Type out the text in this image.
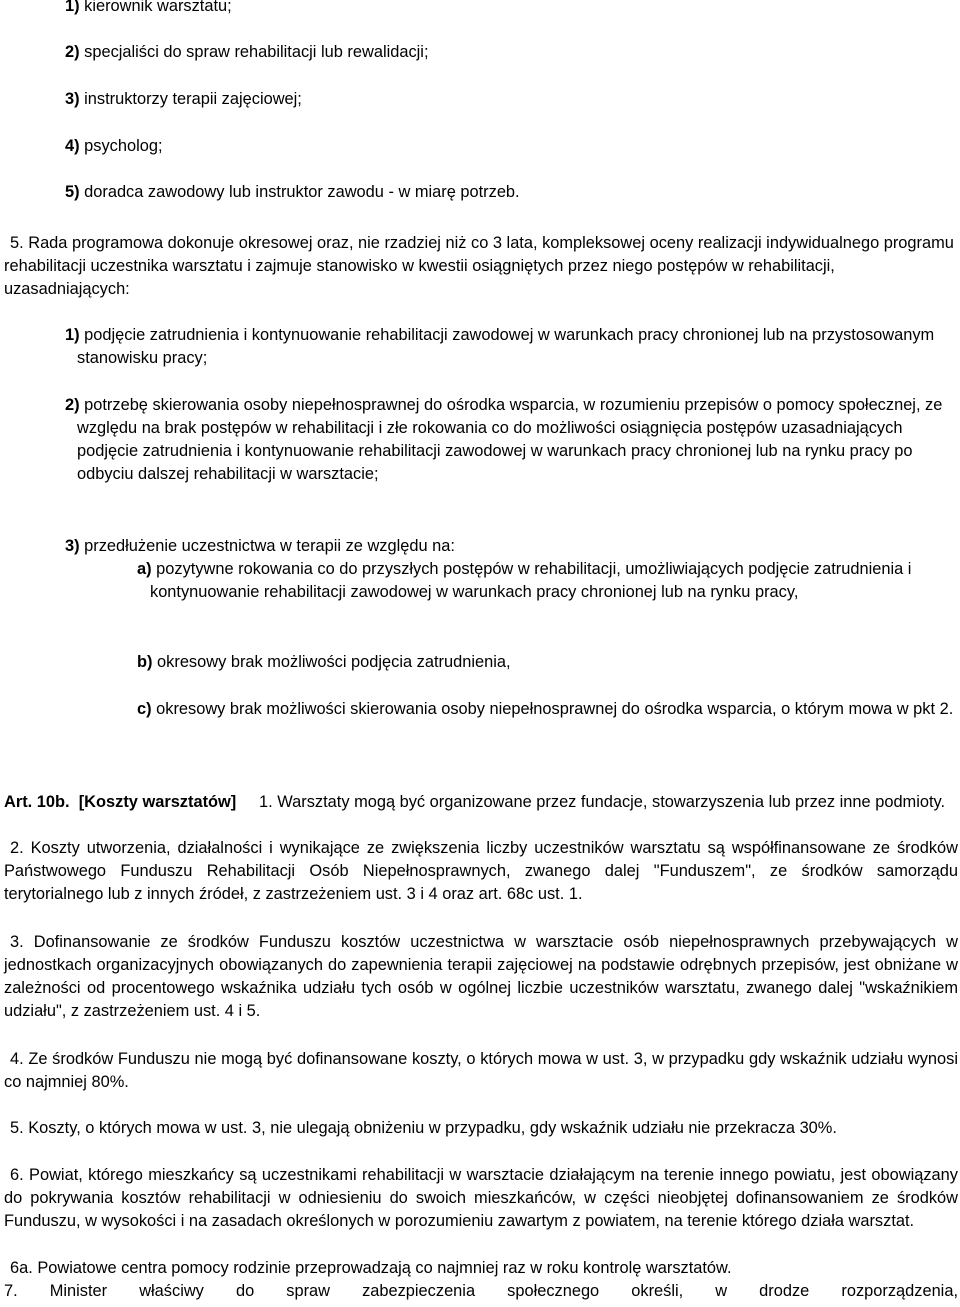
1) kierownik warsztatu;

2) specjaliści do spraw rehabilitacji lub rewalidacji;

3) instruktorzy terapii zajęciowej;

4) psycholog;

5) doradca zawodowy lub instruktor zawodu - w miarę potrzeb.

5. Rada programowa dokonuje okresowej oraz, nie rzadziej niż co 3 lata, kompleksowej oceny realizacji indywidualnego programu rehabilitacji uczestnika warsztatu i zajmuje stanowisko w kwestii osiągniętych przez niego postępów w rehabilitacji, uzasadniających:

1) podjęcie zatrudnienia i kontynuowanie rehabilitacji zawodowej w warunkach pracy chronionej lub na przystosowanym stanowisku pracy;

2) potrzebę skierowania osoby niepełnosprawnej do ośrodka wsparcia, w rozumieniu przepisów o pomocy społecznej, ze względu na brak postępów w rehabilitacji i złe rokowania co do możliwości osiągnięcia postępów uzasadniających podjęcie zatrudnienia i kontynuowanie rehabilitacji zawodowej w warunkach pracy chronionej lub na rynku pracy po odbyciu dalszej rehabilitacji w warsztacie;

3) przedłużenie uczestnictwa w terapii ze względu na:

a) pozytywne rokowania co do przyszłych postępów w rehabilitacji, umożliwiających podjęcie zatrudnienia i kontynuowanie rehabilitacji zawodowej w warunkach pracy chronionej lub na rynku pracy,

b) okresowy brak możliwości podjęcia zatrudnienia,

c) okresowy brak możliwości skierowania osoby niepełnosprawnej do ośrodka wsparcia, o którym mowa w pkt 2.

Art. 10b. [Koszty warsztatów] 1. Warsztaty mogą być organizowane przez fundacje, stowarzyszenia lub przez inne podmioty.

2. Koszty utworzenia, działalności i wynikające ze zwiększenia liczby uczestników warsztatu są współfinansowane ze środków Państwowego Funduszu Rehabilitacji Osób Niepełnosprawnych, zwanego dalej "Funduszem", ze środków samorządu terytorialnego lub z innych źródeł, z zastrzeżeniem ust. 3 i 4 oraz art. 68c ust. 1.

3. Dofinansowanie ze środków Funduszu kosztów uczestnictwa w warsztacie osób niepełnosprawnych przebywających w jednostkach organizacyjnych obowiązanych do zapewnienia terapii zajęciowej na podstawie odrębnych przepisów, jest obniżane w zależności od procentowego wskaźnika udziału tych osób w ogólnej liczbie uczestników warsztatu, zwanego dalej "wskaźnikiem udziału", z zastrzeżeniem ust. 4 i 5.

4. Ze środków Funduszu nie mogą być dofinansowane koszty, o których mowa w ust. 3, w przypadku gdy wskaźnik udziału wynosi co najmniej 80%.

5. Koszty, o których mowa w ust. 3, nie ulegają obniżeniu w przypadku, gdy wskaźnik udziału nie przekracza 30%.

6. Powiat, którego mieszkańcy są uczestnikami rehabilitacji w warsztacie działającym na terenie innego powiatu, jest obowiązany do pokrywania kosztów rehabilitacji w odniesieniu do swoich mieszkańców, w części nieobjętej dofinansowaniem ze środków Funduszu, w wysokości i na zasadach określonych w porozumieniu zawartym z powiatem, na terenie którego działa warsztat.

6a. Powiatowe centra pomocy rodzinie przeprowadzają co najmniej raz w roku kontrolę warsztatów.

7. Minister właściwy do spraw zabezpieczenia społecznego określi, w drodze rozporządzenia,
